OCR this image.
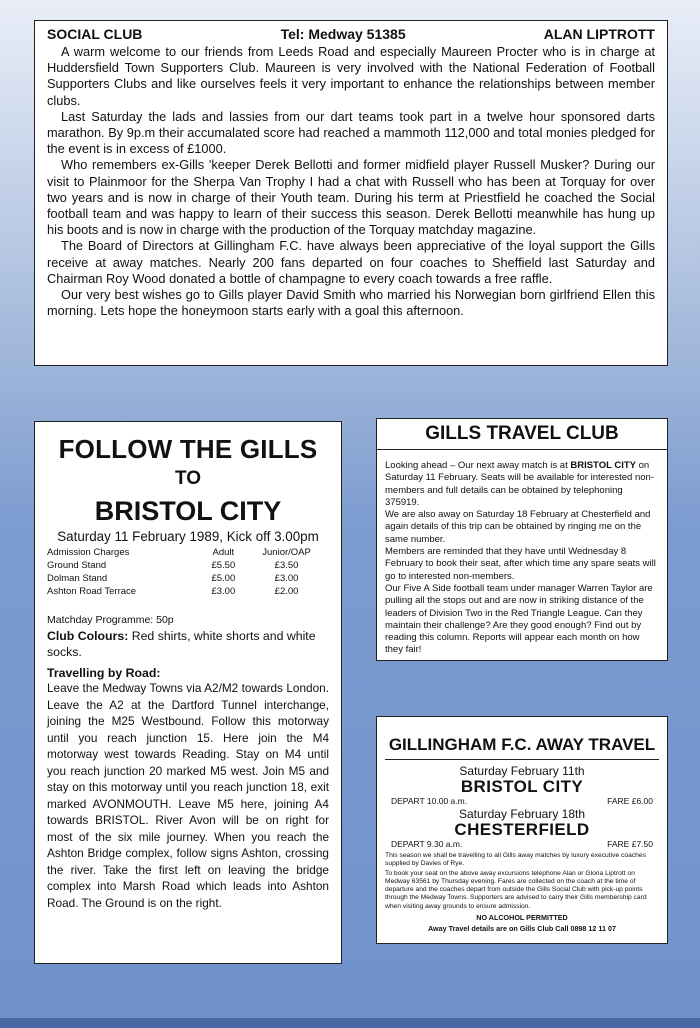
SOCIAL CLUB	Tel: Medway 51385	ALAN LIPTROTT

A warm welcome to our friends from Leeds Road and especially Maureen Procter who is in charge at Huddersfield Town Supporters Club. Maureen is very involved with the National Federation of Football Supporters Clubs and like ourselves feels it very important to enhance the relationships between member clubs.

Last Saturday the lads and lassies from our dart teams took part in a twelve hour sponsored darts marathon. By 9p.m their accumalated score had reached a mammoth 112,000 and total monies pledged for the event is in excess of £1000.

Who remembers ex-Gills 'keeper Derek Bellotti and former midfield player Russell Musker? During our visit to Plainmoor for the Sherpa Van Trophy I had a chat with Russell who has been at Torquay for over two years and is now in charge of their Youth team. During his term at Priestfield he coached the Social football team and was happy to learn of their success this season. Derek Bellotti meanwhile has hung up his boots and is now in charge with the production of the Torquay matchday magazine.

The Board of Directors at Gillingham F.C. have always been appreciative of the loyal support the Gills receive at away matches. Nearly 200 fans departed on four coaches to Sheffield last Saturday and Chairman Roy Wood donated a bottle of champagne to every coach towards a free raffle.

Our very best wishes go to Gills player David Smith who married his Norwegian born girlfriend Ellen this morning. Lets hope the honeymoon starts early with a goal this afternoon.

FOLLOW THE GILLS
TO
BRISTOL CITY
Saturday 11 February 1989, Kick off 3.00pm
Admission Charges	Adult	Junior/OAP
Ground Stand	£5.50	£3.50
Dolman Stand	£5.00	£3.00
Ashton Road Terrace	£3.00	£2.00
Matchday Programme: 50p
Club Colours: Red shirts, white shorts and white socks.
Travelling by Road:
Leave the Medway Towns via A2/M2 towards London. Leave the A2 at the Dartford Tunnel interchange, joining the M25 Westbound. Follow this motorway until you reach junction 15. Here join the M4 motorway west towards Reading. Stay on M4 until you reach junction 20 marked M5 west. Join M5 and stay on this motorway until you reach junction 18, exit marked AVONMOUTH. Leave M5 here, joining A4 towards BRISTOL. River Avon will be on right for most of the six mile journey. When you reach the Ashton Bridge complex, follow signs Ashton, crossing the river. Take the first left on leaving the bridge complex into Marsh Road which leads into Ashton Road. The Ground is on the right.
GILLS TRAVEL CLUB

Looking ahead – Our next away match is at BRISTOL CITY on Saturday 11 February. Seats will be available for interested non-members and full details can be obtained by telephoning 375919.

We are also away on Saturday 18 February at Chesterfield and again details of this trip can be obtained by ringing me on the same number.

Members are reminded that they have until Wednesday 8 February to book their seat, after which time any spare seats will go to interested non-members.

Our Five A Side football team under manager Warren Taylor are pulling all the stops out and are now in striking distance of the leaders of Division Two in the Red Triangle League. Can they maintain their challenge? Are they good enough? Find out by reading this column. Reports will appear each month on how they fair!

GILLINGHAM F.C. AWAY TRAVEL
Saturday February 11th
BRISTOL CITY
DEPART 10.00 a.m.	FARE £6.00
Saturday February 18th
CHESTERFIELD
DEPART 9.30 a.m.	FARE £7.50

This season we shall be travelling to all Gills away matches by luxury executive coaches supplied by Davies of Rye.

To book your seat on the above away excursions telephone Alan or Gloria Liptrott on Medway 63561 by Thursday evening. Fares are collected on the coach at the time of departure and the coaches depart from outside the Gills Social Club with pick-up points through the Medway Towns. Supporters are advised to carry their Gills membership card when visiting away grounds to ensure admission.

NO ALCOHOL PERMITTED
Away Travel details are on Gills Club Call 0898 12 11 07
